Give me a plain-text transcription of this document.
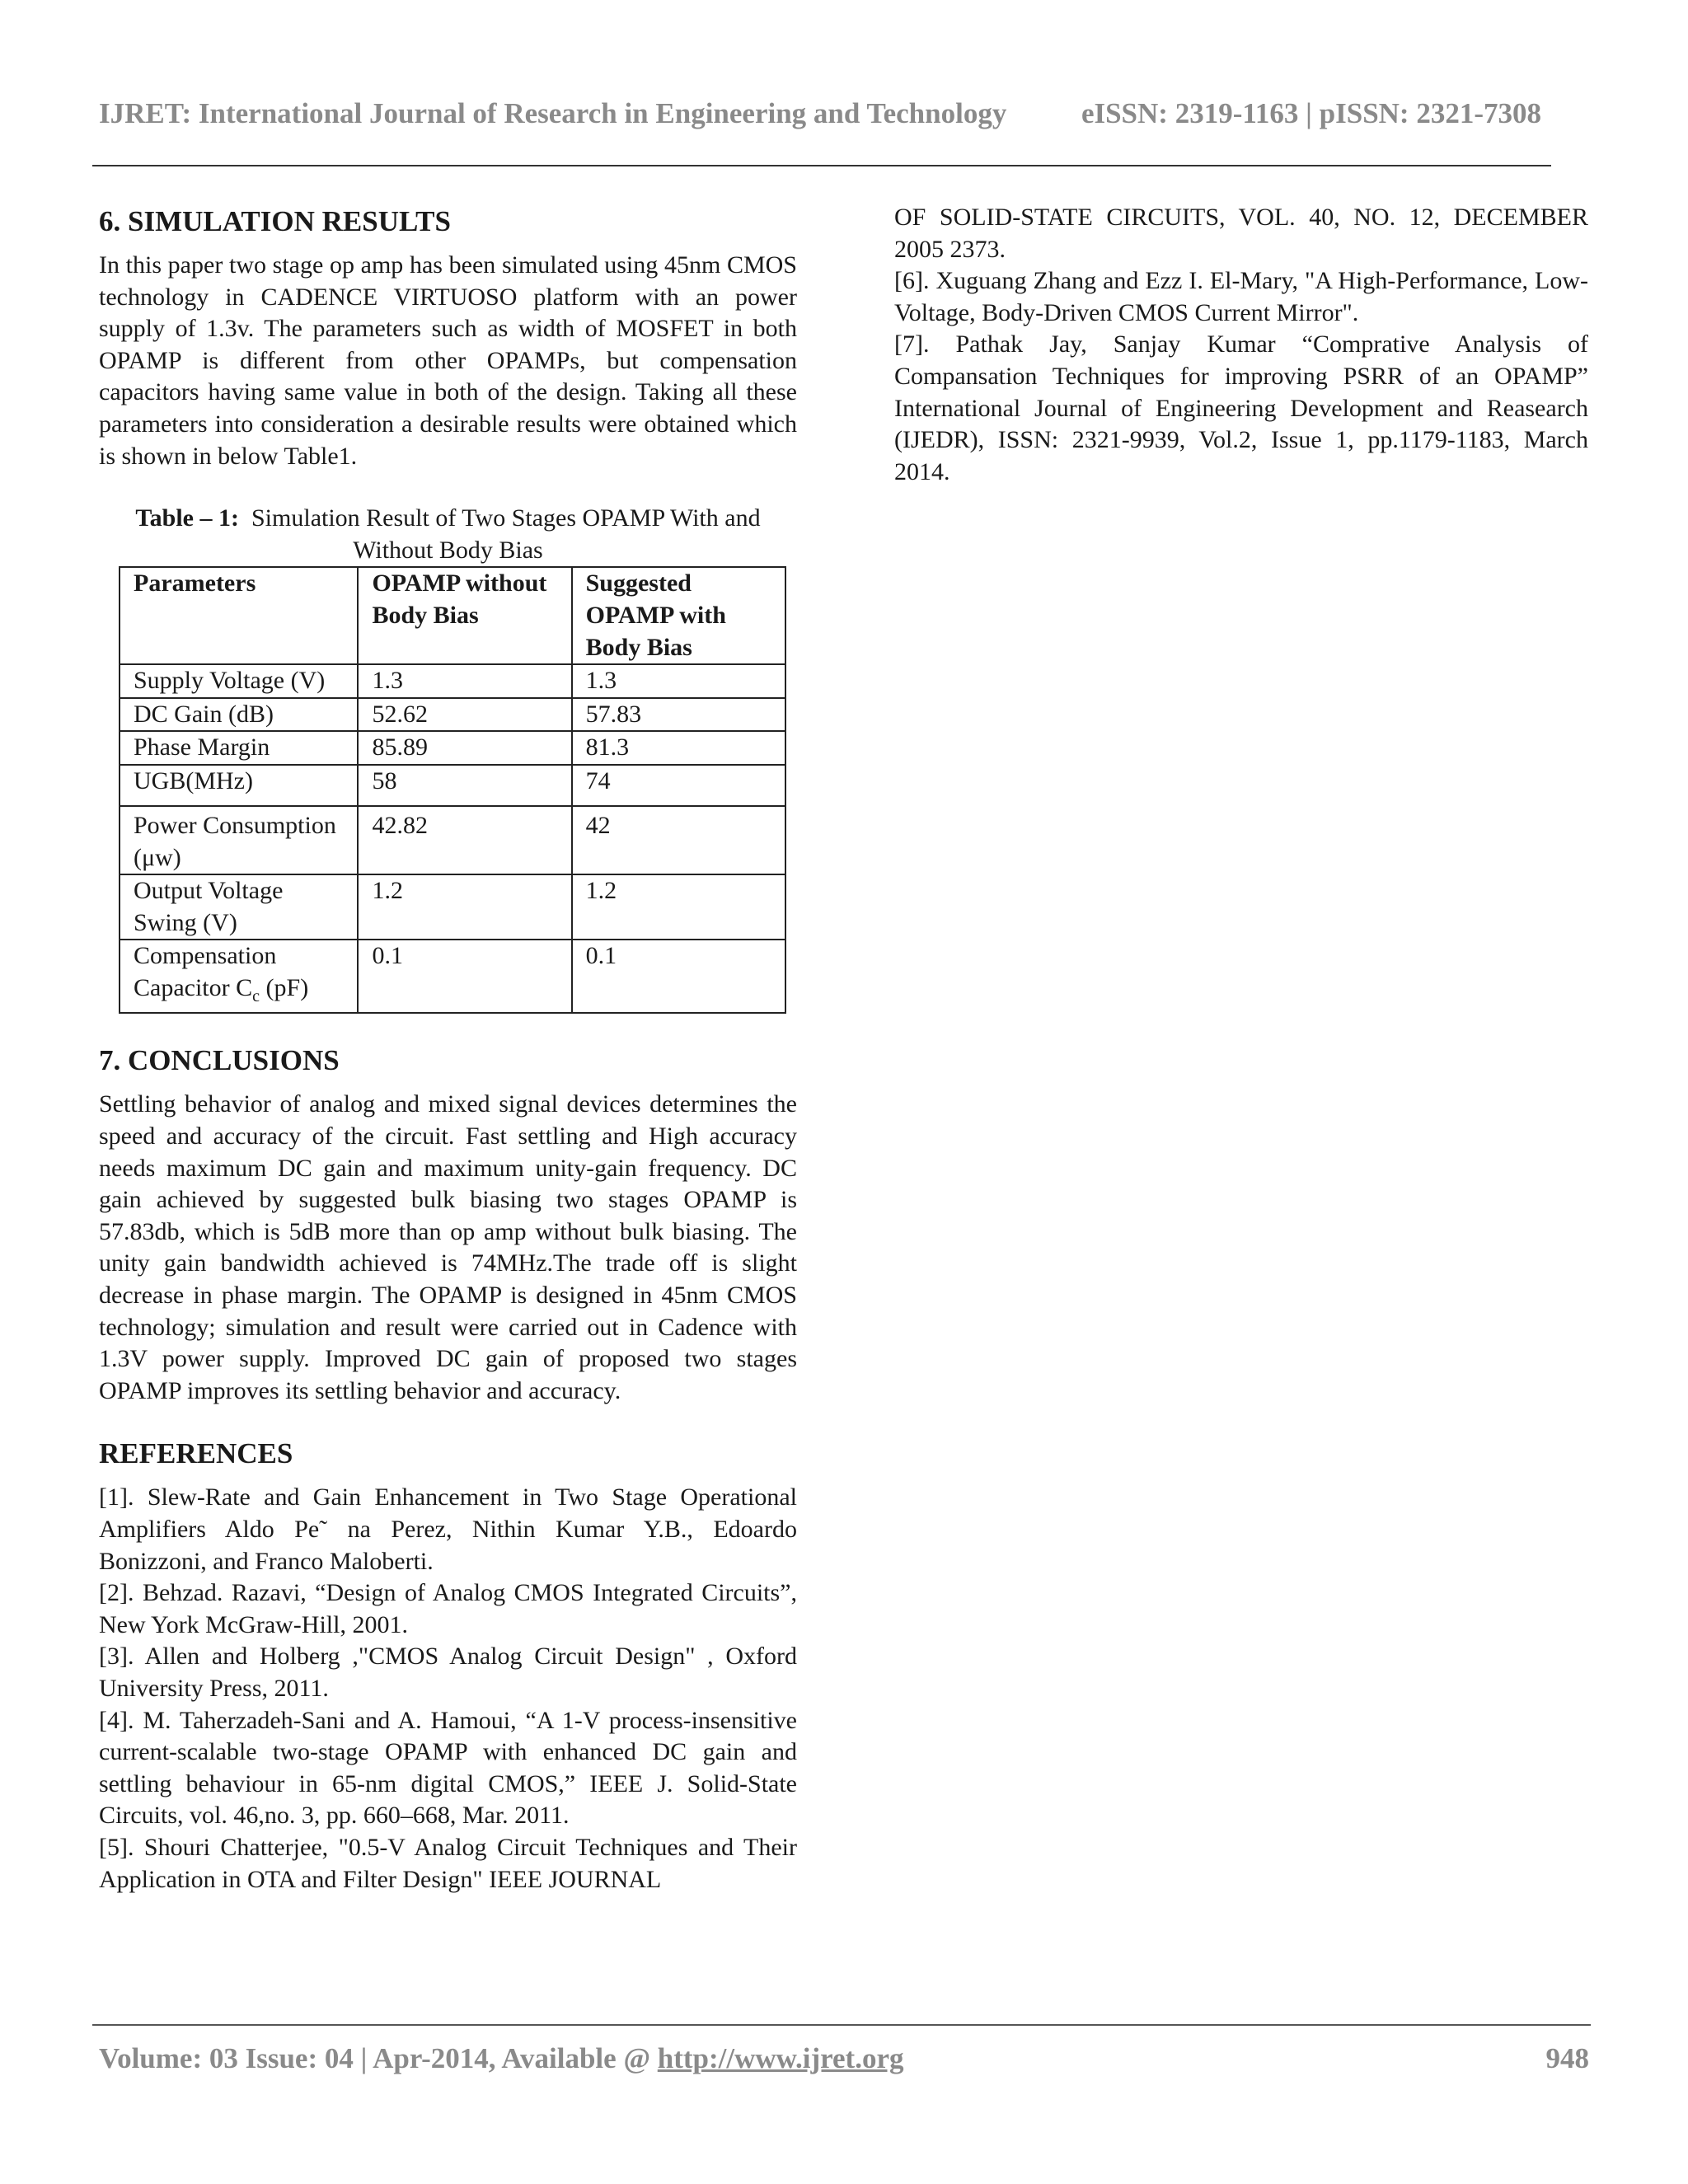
IJRET: International Journal of Research in Engineering and Technology	eISSN: 2319-1163 | pISSN: 2321-7308
6. SIMULATION RESULTS

In this paper two stage op amp has been simulated using 45nm CMOS technology in CADENCE VIRTUOSO platform with an power supply of 1.3v. The parameters such as width of MOSFET in both OPAMP is different from other OPAMPs, but compensation capacitors having same value in both of the design. Taking all these parameters into consideration a desirable results were obtained which is shown in below Table1.

Table – 1: Simulation Result of Two Stages OPAMP With and Without Body Bias

Parameters	OPAMP without Body Bias	Suggested OPAMP with Body Bias
Supply Voltage (V)	1.3	1.3
DC Gain (dB)	52.62	57.83
Phase Margin	85.89	81.3
UGB(MHz)	58	74
Power Consumption (μw)	42.82	42
Output Voltage Swing (V)	1.2	1.2
Compensation Capacitor $C_c$ (pF)	0.1	0.1
7. CONCLUSIONS

Settling behavior of analog and mixed signal devices determines the speed and accuracy of the circuit. Fast settling and High accuracy needs maximum DC gain and maximum unity-gain frequency. DC gain achieved by suggested bulk biasing two stages OPAMP is 57.83db, which is 5dB more than op amp without bulk biasing. The unity gain bandwidth achieved is 74MHz.The trade off is slight decrease in phase margin. The OPAMP is designed in 45nm CMOS technology; simulation and result were carried out in Cadence with 1.3V power supply. Improved DC gain of proposed two stages OPAMP improves its settling behavior and accuracy.

REFERENCES

[1]. Slew-Rate and Gain Enhancement in Two Stage Operational Amplifiers Aldo Pe˜ na Perez, Nithin Kumar Y.B., Edoardo Bonizzoni, and Franco Maloberti.

[2]. Behzad. Razavi, “Design of Analog CMOS Integrated Circuits”, New York McGraw-Hill, 2001.

[3]. Allen and Holberg ,"CMOS Analog Circuit Design" , Oxford University Press, 2011.

[4]. M. Taherzadeh-Sani and A. Hamoui, “A 1-V process-insensitive current-scalable two-stage OPAMP with enhanced DC gain and settling behaviour in 65-nm digital CMOS,” IEEE J. Solid-State Circuits, vol. 46,no. 3, pp. 660–668, Mar. 2011.

[5]. Shouri Chatterjee, "0.5-V Analog Circuit Techniques and Their Application in OTA and Filter Design" IEEE JOURNAL

OF SOLID-STATE CIRCUITS, VOL. 40, NO. 12, DECEMBER 2005 2373.

[6]. Xuguang Zhang and Ezz I. El-Mary, "A High-Performance, Low-Voltage, Body-Driven CMOS Current Mirror".

[7]. Pathak Jay, Sanjay Kumar “Comprative Analysis of Compansation Techniques for improving PSRR of an OPAMP” International Journal of Engineering Development and Reasearch (IJEDR), ISSN: 2321-9939, Vol.2, Issue 1, pp.1179-1183, March 2014.

Volume: 03 Issue: 04 | Apr-2014, Available @ http://www.ijret.org	948
